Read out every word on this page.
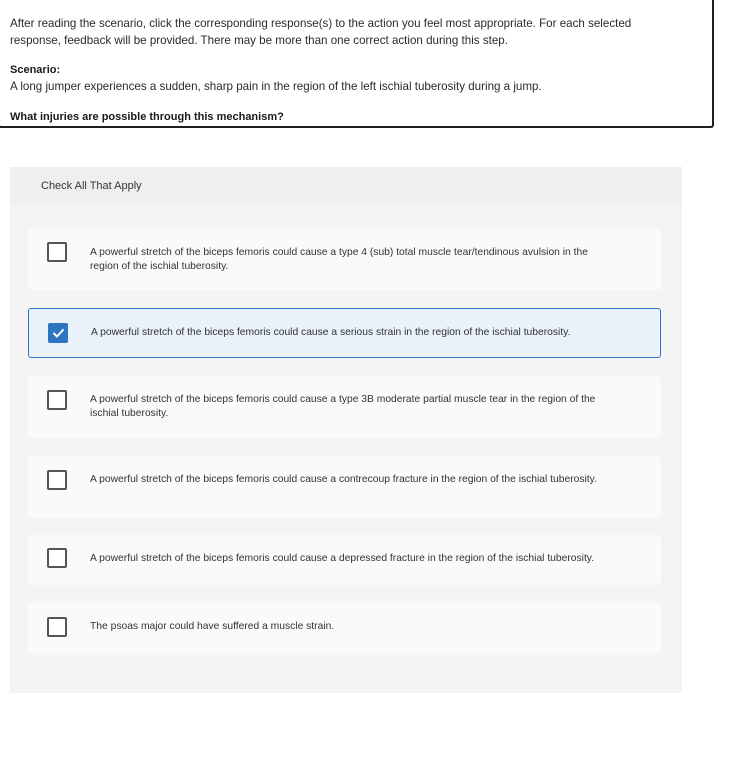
After reading the scenario, click the corresponding response(s) to the action you feel most appropriate. For each selected response, feedback will be provided. There may be more than one correct action during this step.

Scenario:

A long jumper experiences a sudden, sharp pain in the region of the left ischial tuberosity during a jump.

What injuries are possible through this mechanism?

Check All That Apply

A powerful stretch of the biceps femoris could cause a type 4 (sub) total muscle tear/tendinous avulsion in the region of the ischial tuberosity.

A powerful stretch of the biceps femoris could cause a serious strain in the region of the ischial tuberosity.

A powerful stretch of the biceps femoris could cause a type 3B moderate partial muscle tear in the region of the ischial tuberosity.

A powerful stretch of the biceps femoris could cause a contrecoup fracture in the region of the ischial tuberosity.

A powerful stretch of the biceps femoris could cause a depressed fracture in the region of the ischial tuberosity.

The psoas major could have suffered a muscle strain.
